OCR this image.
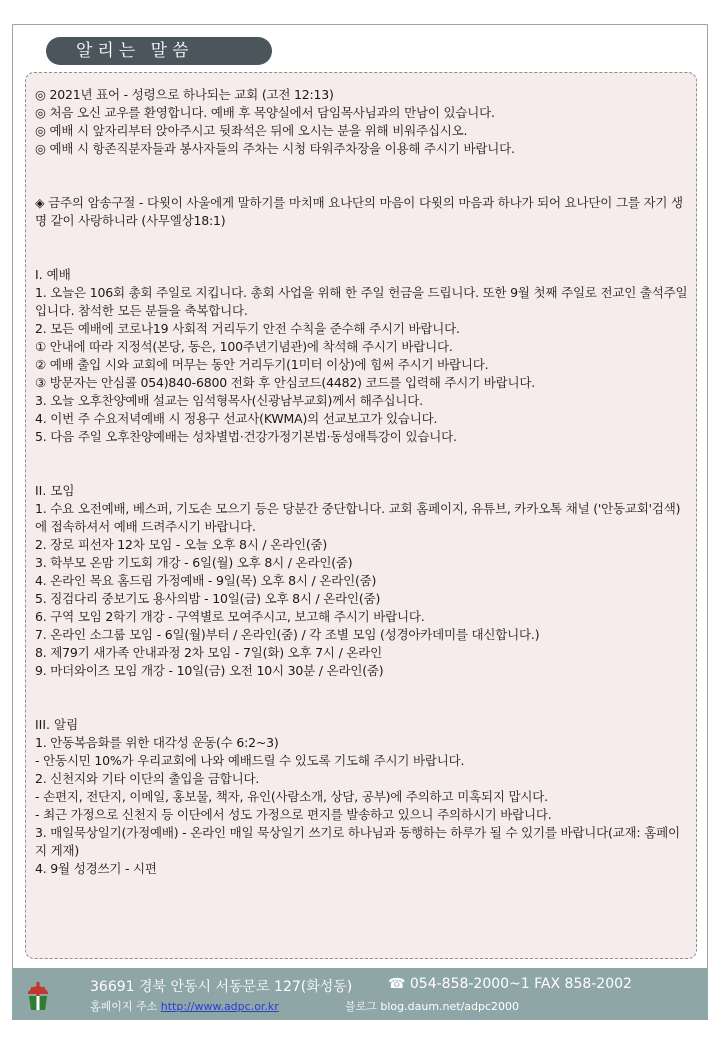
알리는 말씀
◎ 2021년 표어 - 성령으로 하나되는 교회 (고전 12:13)
◎ 처음 오신 교우를 환영합니다. 예배 후 목양실에서 담임목사님과의 만남이 있습니다.
◎ 예배 시 앞자리부터 앉아주시고 뒷좌석은 뒤에 오시는 분을 위해 비워주십시오.
◎ 예배 시 항존직분자들과 봉사자들의 주차는 시청 타워주차장을 이용해 주시기 바랍니다.
◈ 금주의 암송구절 - 다윗이 사울에게 말하기를 마치매 요나단의 마음이 다윗의 마음과 하나가 되어 요나단이 그를 자기 생명 같이 사랑하니라 (사무엘상18:1)
I. 예배
1. 오늘은 106회 총회 주일로 지킵니다. 총회 사업을 위해 한 주일 헌금을 드립니다. 또한 9월 첫째 주일로 전교인 출석주일입니다. 참석한 모든 분들을 축복합니다.
2. 모든 예배에 코로나19 사회적 거리두기 안전 수칙을 준수해 주시기 바랍니다.
① 안내에 따라 지정석(본당, 동은, 100주년기념관)에 착석해 주시기 바랍니다.
② 예배 출입 시와 교회에 머무는 동안 거리두기(1미터 이상)에 힘써 주시기 바랍니다.
③ 방문자는 안심콜 054)840-6800 전화 후 안심코드(4482) 코드를 입력해 주시기 바랍니다.
3. 오늘 오후찬양예배 설교는 임석형목사(신광남부교회)께서 해주십니다.
4. 이번 주 수요저녁예배 시 정용구 선교사(KWMA)의 선교보고가 있습니다.
5. 다음 주일 오후찬양예배는 성차별법·건강가정기본법·동성애특강이 있습니다.
II. 모임
1. 수요 오전예배, 베스퍼, 기도손 모으기 등은 당분간 중단합니다. 교회 홈페이지, 유튜브, 카카오톡 채널 ('안동교회'검색)에 접속하셔서 예배 드려주시기 바랍니다.
2. 장로 피선자 12차 모임 - 오늘 오후 8시 / 온라인(줌)
3. 학부모 온맘 기도회 개강 - 6일(월) 오후 8시 / 온라인(줌)
4. 온라인 목요 홈드림 가정예배 - 9일(목) 오후 8시 / 온라인(줌)
5. 징검다리 중보기도 용사의밤 - 10일(금) 오후 8시 / 온라인(줌)
6. 구역 모임 2학기 개강 - 구역별로 모여주시고, 보고해 주시기 바랍니다.
7. 온라인 소그룹 모임 - 6일(월)부터 / 온라인(줌) / 각 조별 모임 (성경아카데미를 대신합니다.)
8. 제79기 새가족 안내과정 2차 모임 - 7일(화) 오후 7시 / 온라인
9. 마더와이즈 모임 개강 - 10일(금) 오전 10시 30분 / 온라인(줌)
III. 알림
1. 안동복음화를 위한 대각성 운동(수 6:2~3)
- 안동시민 10%가 우리교회에 나와 예배드릴 수 있도록 기도해 주시기 바랍니다.
2. 신천지와 기타 이단의 출입을 금합니다.
- 손편지, 전단지, 이메일, 홍보물, 책자, 유인(사람소개, 상담, 공부)에 주의하고 미혹되지 맙시다.
- 최근 가정으로 신천지 등 이단에서 성도 가정으로 편지를 발송하고 있으니 주의하시기 바랍니다.
3. 매일묵상일기(가정예배) - 온라인 매일 묵상일기 쓰기로 하나님과 동행하는 하루가 될 수 있기를 바랍니다(교재: 홈페이지 게재)
4. 9월 성경쓰기 - 시편
36691 경북 안동시 서동문로 127(화성동)	☎ 054-858-2000~1 FAX 858-2002
홈페이지 주소 http://www.adpc.or.kr	블로그 blog.daum.net/adpc2000
